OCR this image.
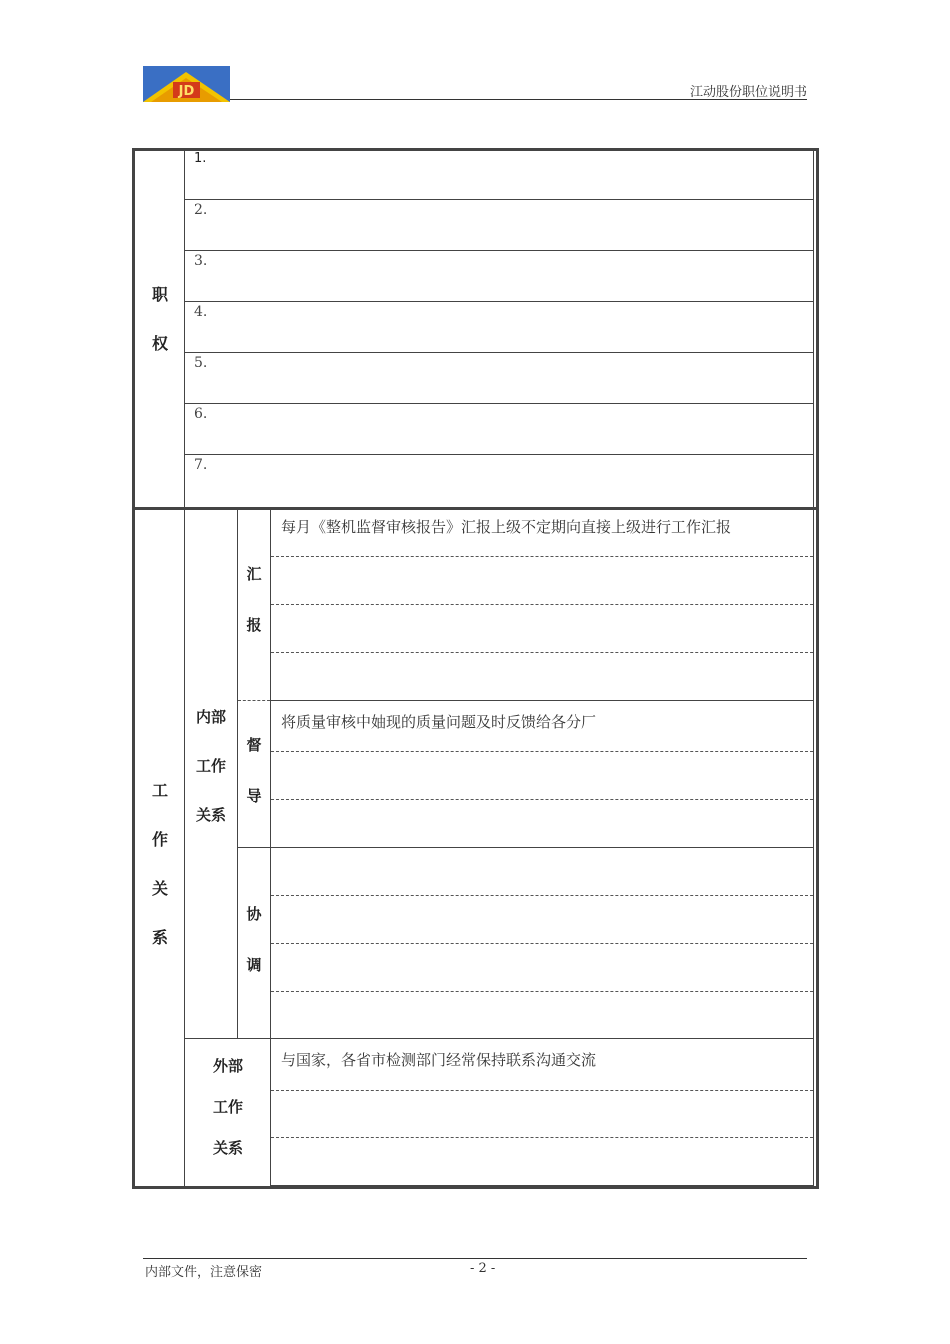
JD	江动股份职位说明书
职
权
1.
2.
3.
4.
5.
6.
7.
工
作
关
系
内部
工作
关系
汇
报
每月《整机监督审核报告》汇报上级不定期向直接上级进行工作汇报
督
导
将质量审核中妯现的质量问题及时反馈给各分厂
协
调
外部
工作
关系
与国家，各省市检测部门经常保持联系沟通交流
内部文件，注意保密	- 2 -
